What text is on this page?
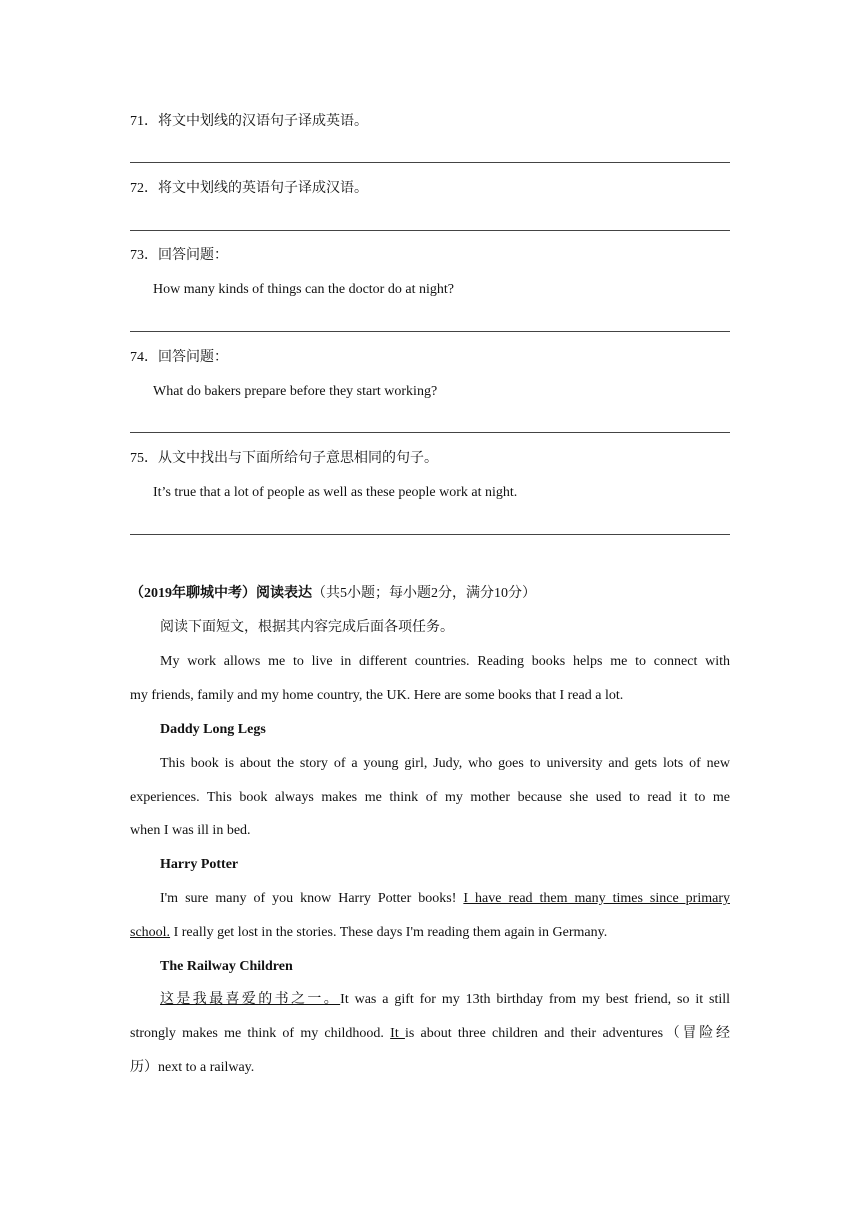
71．将文中划线的汉语句子译成英语。
72．将文中划线的英语句子译成汉语。
73．回答问题：
How many kinds of things can the doctor do at night?
74．回答问题：
What do bakers prepare before they start working?
75．从文中找出与下面所给句子意思相同的句子。
It’s true that a lot of people as well as these people work at night.
（2019年聊城中考）阅读表达（共5小题；每小题2分，满分10分）
阅读下面短文，根据其内容完成后面各项任务。
My work allows me to live in different countries. Reading books helps me to connect with
my friends, family and my home country, the UK. Here are some books that I read a lot.
Daddy Long Legs
This book is about the story of a young girl, Judy, who goes to university and gets lots of new
experiences. This book always makes me think of my mother because she used to read it to me
when I was ill in bed.
Harry Potter
I'm sure many of you know Harry Potter books! I have read them many times since primary
school. I really get lost in the stories. These days I'm reading them again in Germany.
The Railway Children
这是我最喜爱的书之一。It was a gift for my 13th birthday from my best friend, so it still
strongly makes me think of my childhood. It is about three children and their adventures（冒险经
历）next to a railway.
